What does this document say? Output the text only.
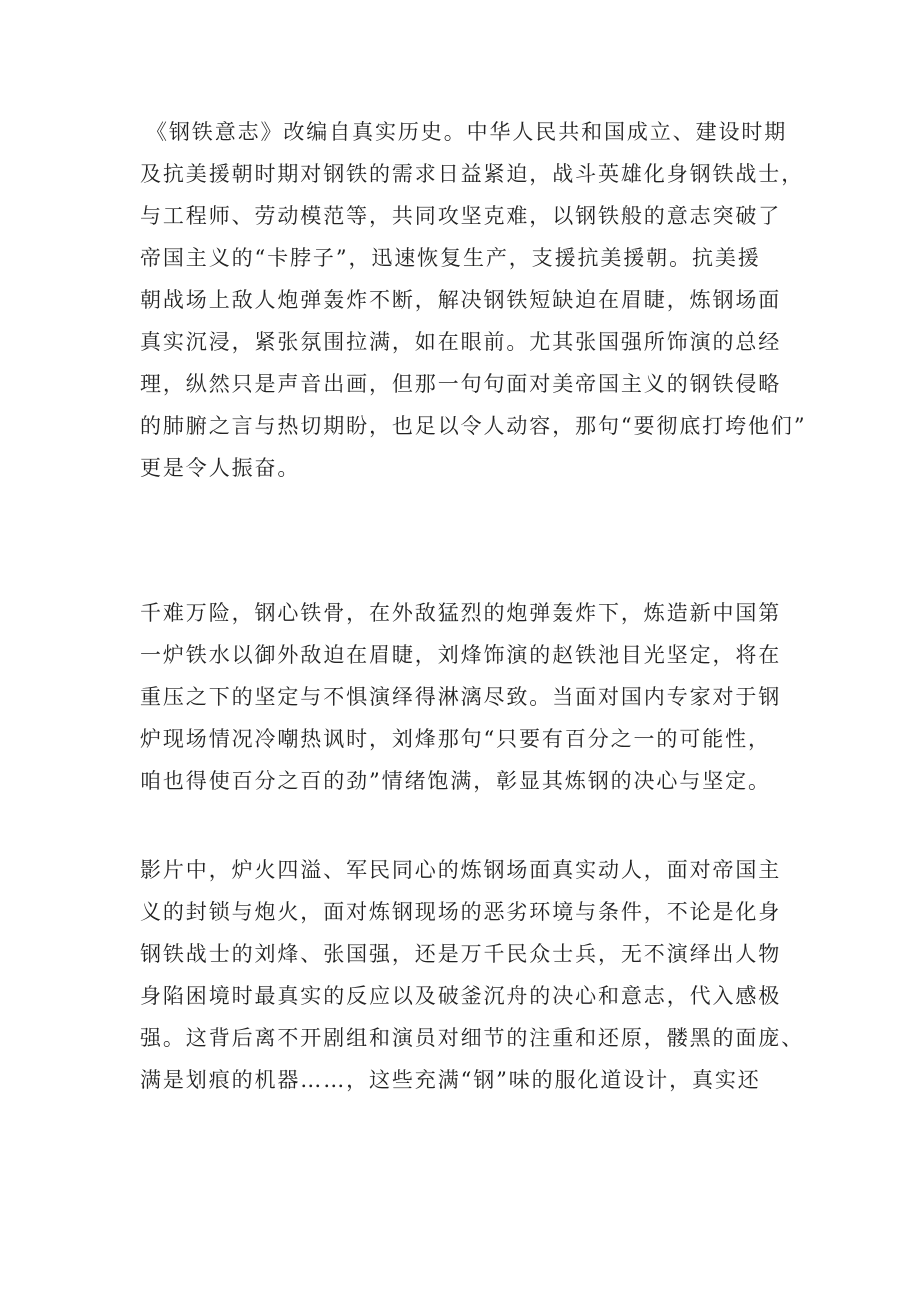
《钢铁意志》改编自真实历史。中华人民共和国成立、建设时期
及抗美援朝时期对钢铁的需求日益紧迫，战斗英雄化身钢铁战士，
与工程师、劳动模范等，共同攻坚克难，以钢铁般的意志突破了
帝国主义的“卡脖子”，迅速恢复生产，支援抗美援朝。抗美援
朝战场上敌人炮弹轰炸不断，解决钢铁短缺迫在眉睫，炼钢场面
真实沉浸，紧张氛围拉满，如在眼前。尤其张国强所饰演的总经
理，纵然只是声音出画，但那一句句面对美帝国主义的钢铁侵略
的肺腑之言与热切期盼，也足以令人动容，那句“要彻底打垮他们”
更是令人振奋。

千难万险，钢心铁骨，在外敌猛烈的炮弹轰炸下，炼造新中国第
一炉铁水以御外敌迫在眉睫，刘烽饰演的赵铁池目光坚定，将在
重压之下的坚定与不惧演绎得淋漓尽致。当面对国内专家对于钢
炉现场情况冷嘲热讽时，刘烽那句“只要有百分之一的可能性，
咱也得使百分之百的劲”情绪饱满，彰显其炼钢的决心与坚定。

影片中，炉火四溢、军民同心的炼钢场面真实动人，面对帝国主
义的封锁与炮火，面对炼钢现场的恶劣环境与条件，不论是化身
钢铁战士的刘烽、张国强，还是万千民众士兵，无不演绎出人物
身陷困境时最真实的反应以及破釜沉舟的决心和意志，代入感极
强。这背后离不开剧组和演员对细节的注重和还原，髅黑的面庞、
满是划痕的机器……，这些充满“钢”味的服化道设计，真实还
